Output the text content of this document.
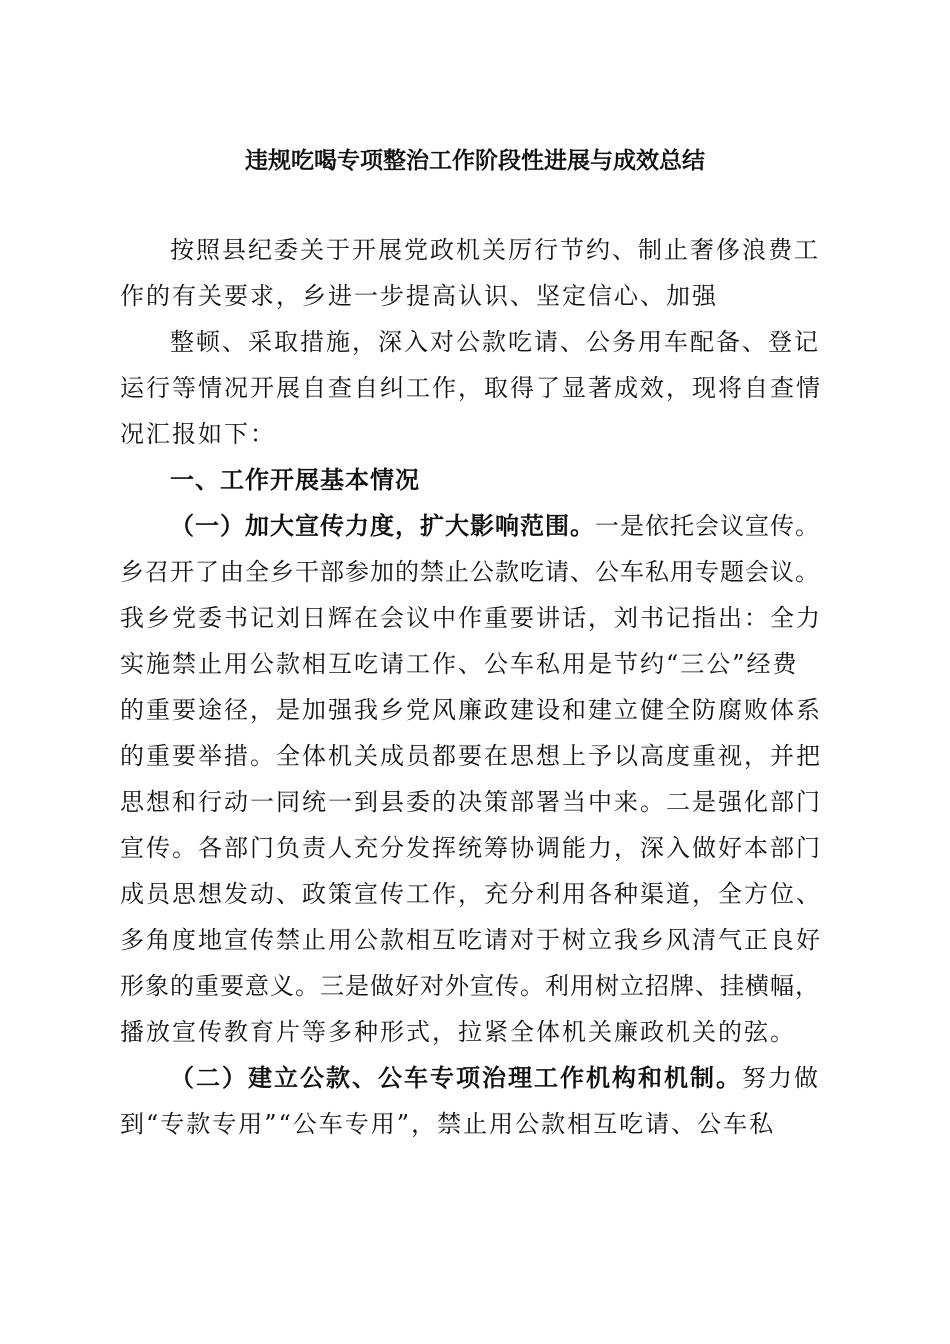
违规吃喝专项整治工作阶段性进展与成效总结
按照县纪委关于开展党政机关厉行节约、制止奢侈浪费工
作的有关要求，乡进一步提高认识、坚定信心、加强
整顿、采取措施，深入对公款吃请、公务用车配备、登记
运行等情况开展自查自纠工作，取得了显著成效，现将自查情
况汇报如下：
一、工作开展基本情况
（一）加大宣传力度，扩大影响范围。一是依托会议宣传。
乡召开了由全乡干部参加的禁止公款吃请、公车私用专题会议。
我乡党委书记刘日辉在会议中作重要讲话，刘书记指出：全力
实施禁止用公款相互吃请工作、公车私用是节约“三公”经费
的重要途径，是加强我乡党风廉政建设和建立健全防腐败体系
的重要举措。全体机关成员都要在思想上予以高度重视，并把
思想和行动一同统一到县委的决策部署当中来。二是强化部门
宣传。各部门负责人充分发挥统筹协调能力，深入做好本部门
成员思想发动、政策宣传工作，充分利用各种渠道，全方位、
多角度地宣传禁止用公款相互吃请对于树立我乡风清气正良好
形象的重要意义。三是做好对外宣传。利用树立招牌、挂横幅，
播放宣传教育片等多种形式，拉紧全体机关廉政机关的弦。
（二）建立公款、公车专项治理工作机构和机制。努力做
到“专款专用”“公车专用”，禁止用公款相互吃请、公车私
